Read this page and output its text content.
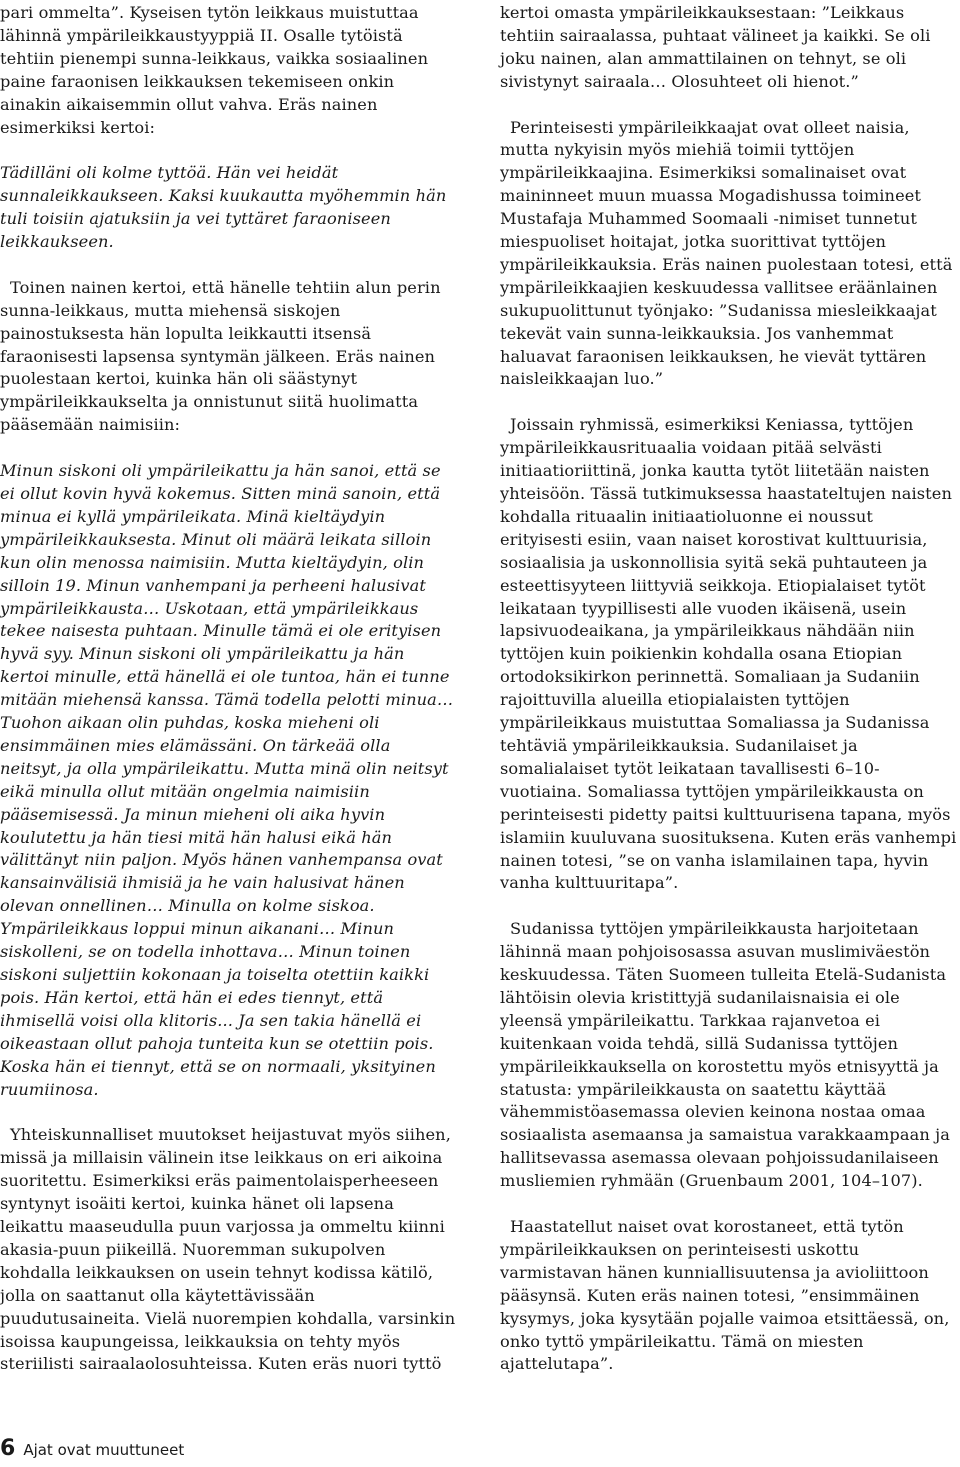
pari ommelta”. Kyseisen tytön leikkaus muistuttaa lähinnä ympärileikkaustyyppiä II. Osalle tytöistä tehtiin pienempi sunna-leikkaus, vaikka sosiaalinen paine faraonisen leikkauksen tekemiseen onkin ainakin aikaisemmin ollut vahva. Eräs nainen esimerkiksi kertoi:

Tädilläni oli kolme tyttöä. Hän vei heidät sunnaleikkaukseen. Kaksi kuukautta myöhemmin hän tuli toisiin ajatuksiin ja vei tyttäret faraoniseen leikkaukseen.

Toinen nainen kertoi, että hänelle tehtiin alun perin sunna-leikkaus, mutta miehensä siskojen painostuksesta hän lopulta leikkautti itsensä faraonisesti lapsensa syntymän jälkeen. Eräs nainen puolestaan kertoi, kuinka hän oli säästynyt ympärileikkaukselta ja onnistunut siitä huolimatta pääsemään naimisiin:

Minun siskoni oli ympärileikattu ja hän sanoi, että se ei ollut kovin hyvä kokemus. Sitten minä sanoin, että minua ei kyllä ympärileikata. Minä kieltäydyin ympärileikkauksesta. Minut oli määrä leikata silloin kun olin menossa naimisiin. Mutta kieltäydyin, olin silloin 19. Minun vanhempani ja perheeni halusivat ympärileikkausta… Uskotaan, että ympärileikkaus tekee naisesta puhtaan. Minulle tämä ei ole erityisen hyvä syy. Minun siskoni oli ympärileikattu ja hän kertoi minulle, että hänellä ei ole tuntoa, hän ei tunne mitään miehensä kanssa. Tämä todella pelotti minua… Tuohon aikaan olin puhdas, koska mieheni oli ensimmäinen mies elämässäni. On tärkeää olla neitsyt, ja olla ympärileikattu. Mutta minä olin neitsyt eikä minulla ollut mitään ongelmia naimisiin pääsemisessä. Ja minun mieheni oli aika hyvin koulutettu ja hän tiesi mitä hän halusi eikä hän välittänyt niin paljon. Myös hänen vanhempansa ovat kansainvälisiä ihmisiä ja he vain halusivat hänen olevan onnellinen… Minulla on kolme siskoa. Ympärileikkaus loppui minun aikanani… Minun siskolleni, se on todella inhottava… Minun toinen siskoni suljettiin kokonaan ja toiselta otettiin kaikki pois. Hän kertoi, että hän ei edes tiennyt, että ihmisellä voisi olla klitoris... Ja sen takia hänellä ei oikeastaan ollut pahoja tunteita kun se otettiin pois. Koska hän ei tiennyt, että se on normaali, yksityinen ruumiinosa.

Yhteiskunnalliset muutokset heijastuvat myös siihen, missä ja millaisin välinein itse leikkaus on eri aikoina suoritettu. Esimerkiksi eräs paimentolaisperheeseen syntynyt isoäiti kertoi, kuinka hänet oli lapsena leikattu maaseudulla puun varjossa ja ommeltu kiinni akasia-puun piikeillä. Nuoremman sukupolven kohdalla leikkauksen on usein tehnyt kodissa kätilö, jolla on saattanut olla käytettävissään puudutusaineita. Vielä nuorempien kohdalla, varsinkin isoissa kaupungeissa, leikkauksia on tehty myös steriilisti sairaalaolosuhteissa. Kuten eräs nuori tyttö

kertoi omasta ympärileikkauksestaan: ”Leikkaus tehtiin sairaalassa, puhtaat välineet ja kaikki. Se oli joku nainen, alan ammattilainen on tehnyt, se oli sivistynyt sairaala… Olosuhteet oli hienot.”

Perinteisesti ympärileikkaajat ovat olleet naisia, mutta nykyisin myös miehiä toimii tyttöjen ympärileikkaajina. Esimerkiksi somalinaiset ovat maininneet muun muassa Mogadishussa toimineet Mustafaja Muhammed Soomaali -nimiset tunnetut miespuoliset hoitajat, jotka suorittivat tyttöjen ympärileikkauksia. Eräs nainen puolestaan totesi, että ympärileikkaajien keskuudessa vallitsee eräänlainen sukupuolittunut työnjako: ”Sudanissa miesleikkaajat tekevät vain sunna-leikkauksia. Jos vanhemmat haluavat faraonisen leikkauksen, he vievät tyttären naisleikkaajan luo.”

Joissain ryhmissä, esimerkiksi Keniassa, tyttöjen ympärileikkausrituaalia voidaan pitää selvästi initiaatioriittinä, jonka kautta tytöt liitetään naisten yhteisöön. Tässä tutkimuksessa haastateltujen naisten kohdalla rituaalin initiaatioluonne ei noussut erityisesti esiin, vaan naiset korostivat kulttuurisia, sosiaalisia ja uskonnollisia syitä sekä puhtauteen ja esteettisyyteen liittyviä seikkoja. Etiopialaiset tytöt leikataan tyypillisesti alle vuoden ikäisenä, usein lapsivuodeaikana, ja ympärileikkaus nähdään niin tyttöjen kuin poikienkin kohdalla osana Etiopian ortodoksikirkon perinnettä. Somaliaan ja Sudaniin rajoittuvilla alueilla etiopialaisten tyttöjen ympärileikkaus muistuttaa Somaliassa ja Sudanissa tehtäviä ympärileikkauksia. Sudanilaiset ja somalialaiset tytöt leikataan tavallisesti 6–10-vuotiaina. Somaliassa tyttöjen ympärileikkausta on perinteisesti pidetty paitsi kulttuurisena tapana, myös islamiin kuuluvana suosituksena. Kuten eräs vanhempi nainen totesi, ”se on vanha islamilainen tapa, hyvin vanha kulttuuritapa”.

Sudanissa tyttöjen ympärileikkausta harjoitetaan lähinnä maan pohjoisosassa asuvan muslimiväestön keskuudessa. Täten Suomeen tulleita Etelä-Sudanista lähtöisin olevia kristittyjä sudanilaisnaisia ei ole yleensä ympärileikattu. Tarkkaa rajanvetoa ei kuitenkaan voida tehdä, sillä Sudanissa tyttöjen ympärileikkauksella on korostettu myös etnisyyttä ja statusta: ympärileikkausta on saatettu käyttää vähemmistöasemassa olevien keinona nostaa omaa sosiaalista asemaansa ja samaistua varakkaampaan ja hallitsevassa asemassa olevaan pohjoissudanilaiseen musliemien ryhmään (Gruenbaum 2001, 104–107).

Haastatellut naiset ovat korostaneet, että tytön ympärileikkauksen on perinteisesti uskottu varmistavan hänen kunniallisuutensa ja avioliittoon pääsynsä. Kuten eräs nainen totesi, ”ensimmäinen kysymys, joka kysytään pojalle vaimoa etsittäessä, on, onko tyttö ympärileikattu. Tämä on miesten ajattelutapa”.

6 Ajat ovat muuttuneet
